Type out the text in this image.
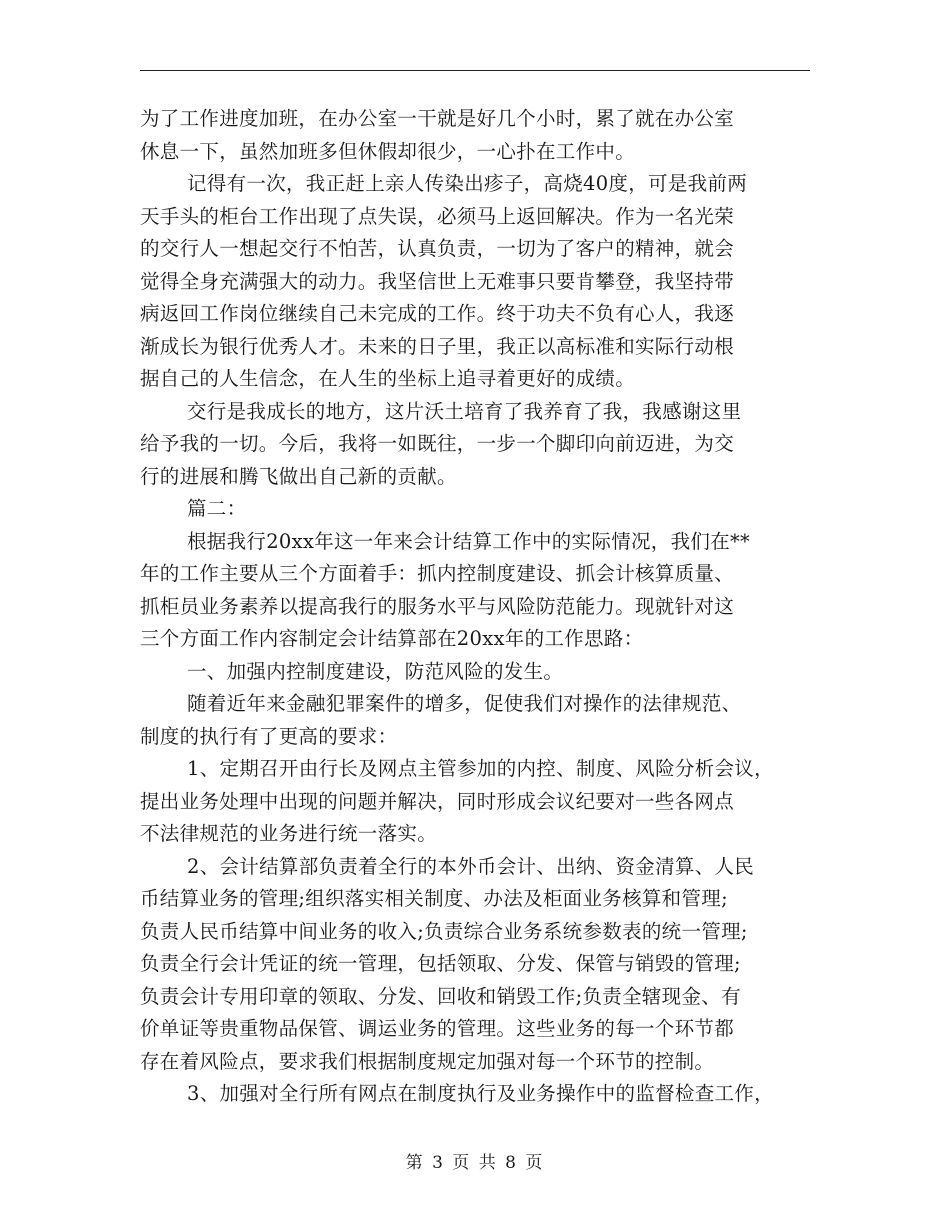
为了工作进度加班，在办公室一干就是好几个小时，累了就在办公室
休息一下，虽然加班多但休假却很少，一心扑在工作中。
记得有一次，我正赶上亲人传染出疹子，高烧40度，可是我前两
天手头的柜台工作出现了点失误，必须马上返回解决。作为一名光荣
的交行人一想起交行不怕苦，认真负责，一切为了客户的精神，就会
觉得全身充满强大的动力。我坚信世上无难事只要肯攀登，我坚持带
病返回工作岗位继续自己未完成的工作。终于功夫不负有心人，我逐
渐成长为银行优秀人才。未来的日子里，我正以高标准和实际行动根
据自己的人生信念，在人生的坐标上追寻着更好的成绩。
交行是我成长的地方，这片沃土培育了我养育了我，我感谢这里
给予我的一切。今后，我将一如既往，一步一个脚印向前迈进，为交
行的进展和腾飞做出自己新的贡献。
篇二：
根据我行20xx年这一年来会计结算工作中的实际情况，我们在**
年的工作主要从三个方面着手：抓内控制度建设、抓会计核算质量、
抓柜员业务素养以提高我行的服务水平与风险防范能力。现就针对这
三个方面工作内容制定会计结算部在20xx年的工作思路：
一、加强内控制度建设，防范风险的发生。
随着近年来金融犯罪案件的增多，促使我们对操作的法律规范、
制度的执行有了更高的要求：
1、定期召开由行长及网点主管参加的内控、制度、风险分析会议，
提出业务处理中出现的问题并解决，同时形成会议纪要对一些各网点
不法律规范的业务进行统一落实。
2、会计结算部负责着全行的本外币会计、出纳、资金清算、人民
币结算业务的管理;组织落实相关制度、办法及柜面业务核算和管理;
负责人民币结算中间业务的收入;负责综合业务系统参数表的统一管理;
负责全行会计凭证的统一管理，包括领取、分发、保管与销毁的管理;
负责会计专用印章的领取、分发、回收和销毁工作;负责全辖现金、有
价单证等贵重物品保管、调运业务的管理。这些业务的每一个环节都
存在着风险点，要求我们根据制度规定加强对每一个环节的控制。
3、加强对全行所有网点在制度执行及业务操作中的监督检查工作，
第 3 页 共 8 页
